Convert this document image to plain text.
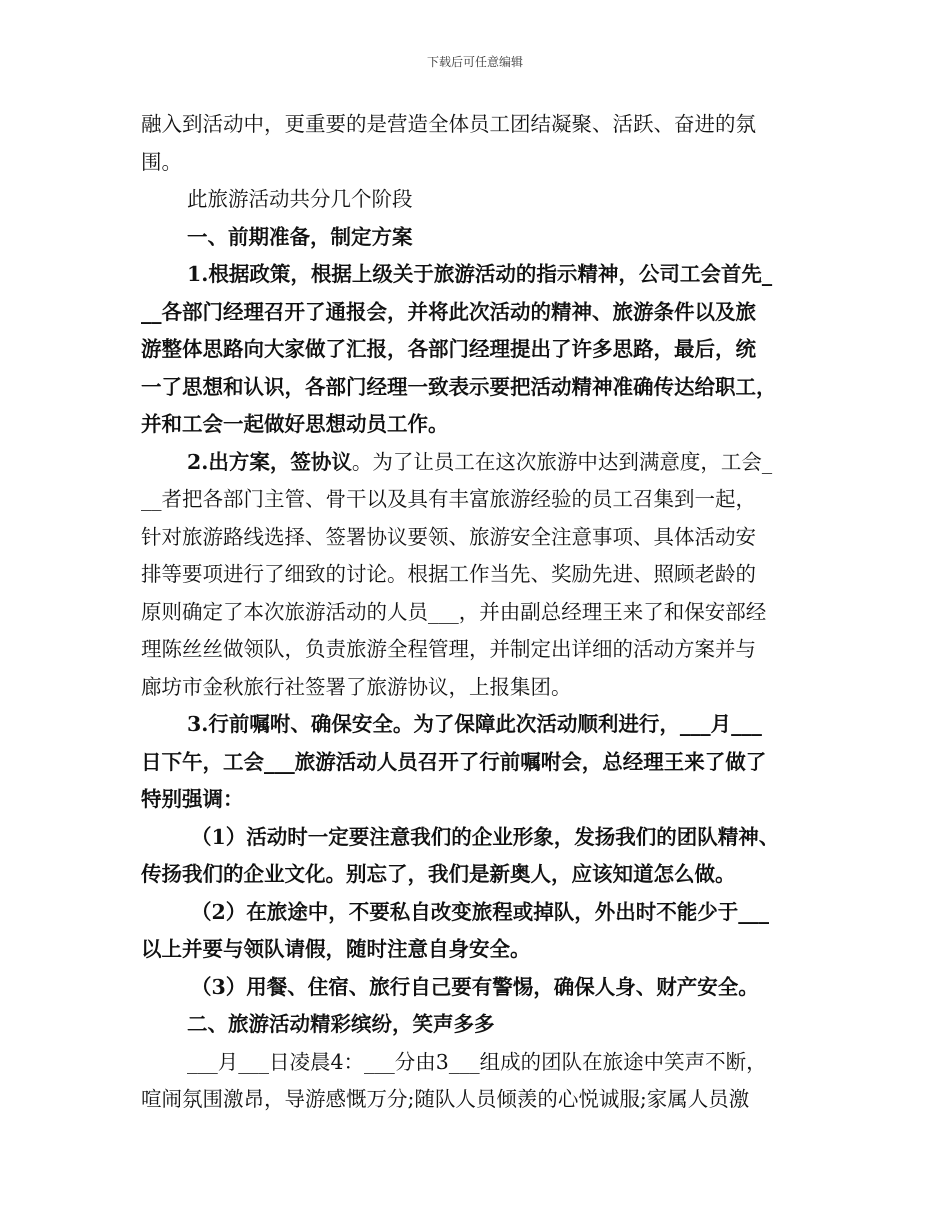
下载后可任意编辑
融入到活动中，更重要的是营造全体员工团结凝聚、活跃、奋进的氛
围。
此旅游活动共分几个阶段
一、前期准备，制定方案
1.根据政策，根据上级关于旅游活动的指示精神，公司工会首先_
__各部门经理召开了通报会，并将此次活动的精神、旅游条件以及旅
游整体思路向大家做了汇报，各部门经理提出了许多思路，最后，统
一了思想和认识，各部门经理一致表示要把活动精神准确传达给职工，
并和工会一起做好思想动员工作。
2.出方案，签协议。为了让员工在这次旅游中达到满意度，工会_
__者把各部门主管、骨干以及具有丰富旅游经验的员工召集到一起，
针对旅游路线选择、签署协议要领、旅游安全注意事项、具体活动安
排等要项进行了细致的讨论。根据工作当先、奖励先进、照顾老龄的
原则确定了本次旅游活动的人员___，并由副总经理王来了和保安部经
理陈丝丝做领队，负责旅游全程管理，并制定出详细的活动方案并与
廊坊市金秋旅行社签署了旅游协议，上报集团。
3.行前嘱咐、确保安全。为了保障此次活动顺利进行，___月___
日下午，工会___旅游活动人员召开了行前嘱咐会，总经理王来了做了
特别强调：
（1）活动时一定要注意我们的企业形象，发扬我们的团队精神、
传扬我们的企业文化。别忘了，我们是新奥人，应该知道怎么做。
（2）在旅途中，不要私自改变旅程或掉队，外出时不能少于___
以上并要与领队请假，随时注意自身安全。
（3）用餐、住宿、旅行自己要有警惕，确保人身、财产安全。
二、旅游活动精彩缤纷，笑声多多
___月___日凌晨4：___分由3___组成的团队在旅途中笑声不断，
喧闹氛围激昂，导游感慨万分;随队人员倾羡的心悦诚服;家属人员激
